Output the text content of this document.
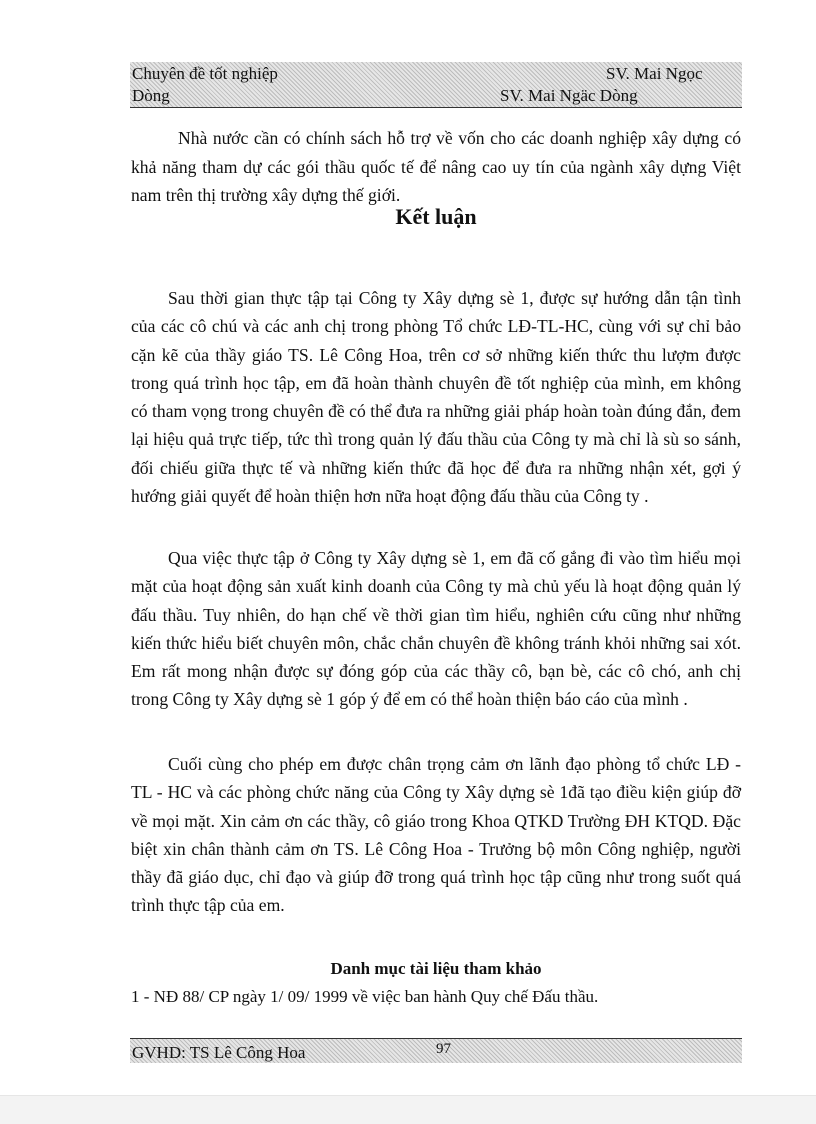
Chuyên đề tốt nghiệp	SV. Mai Ngọc
Dòng	SV. Mai Ngäc Dòng
Nhà nước cần có chính sách hỗ trợ về vốn cho các doanh nghiệp xây dựng có khả năng tham dự các gói thầu quốc tế để nâng cao uy tín của ngành xây dựng Việt nam trên thị trường xây dựng thế giới.
Kết luận
Sau thời gian thực tập tại Công ty Xây dựng sè 1, được sự hướng dẫn tận tình của các cô chú và các anh chị trong phòng Tổ chức LĐ-TL-HC, cùng với sự chỉ bảo cặn kẽ của thầy giáo TS. Lê Công Hoa, trên cơ sở những kiến thức thu lượm được trong quá trình học tập, em đã hoàn thành chuyên đề tốt nghiệp của mình, em không có tham vọng trong chuyên đề có thể đưa ra những giải pháp hoàn toàn đúng đắn, đem lại hiệu quả trực tiếp, tức thì trong quản lý đấu thầu của Công ty mà chỉ là sù so sánh, đối chiếu giữa thực tế và những kiến thức đã học để đưa ra những nhận xét, gợi ý hướng giải quyết để hoàn thiện hơn nữa hoạt động đấu thầu của Công ty .
Qua việc thực tập ở Công ty Xây dựng sè 1, em đã cố gắng đi vào tìm hiểu mọi mặt của hoạt động sản xuất kinh doanh của Công ty mà chủ yếu là hoạt động quản lý đấu thầu. Tuy nhiên, do hạn chế về thời gian tìm hiểu, nghiên cứu cũng như những kiến thức hiểu biết chuyên môn, chắc chắn chuyên đề không tránh khỏi những sai xót. Em rất mong nhận được sự đóng góp của các thầy cô, bạn bè, các cô chó, anh chị trong Công ty Xây dựng sè 1 góp ý để em có thể hoàn thiện báo cáo của mình .
Cuối cùng cho phép em được chân trọng cảm ơn lãnh đạo phòng tổ chức LĐ - TL - HC và các phòng chức năng của Công ty Xây dựng sè 1đã tạo điều kiện giúp đỡ về mọi mặt. Xin cảm ơn các thầy, cô giáo trong Khoa QTKD Trường ĐH KTQD. Đặc biệt xin chân thành cảm ơn TS. Lê Công Hoa - Trưởng bộ môn Công nghiệp, người thầy đã giáo dục, chỉ đạo và giúp đỡ trong quá trình học tập cũng như trong suốt quá trình thực tập của em.
Danh mục tài liệu tham khảo
1 - NĐ 88/ CP ngày 1/ 09/ 1999 về việc ban hành Quy chế Đấu thầu.
GVHD: TS Lê Công Hoa	97
